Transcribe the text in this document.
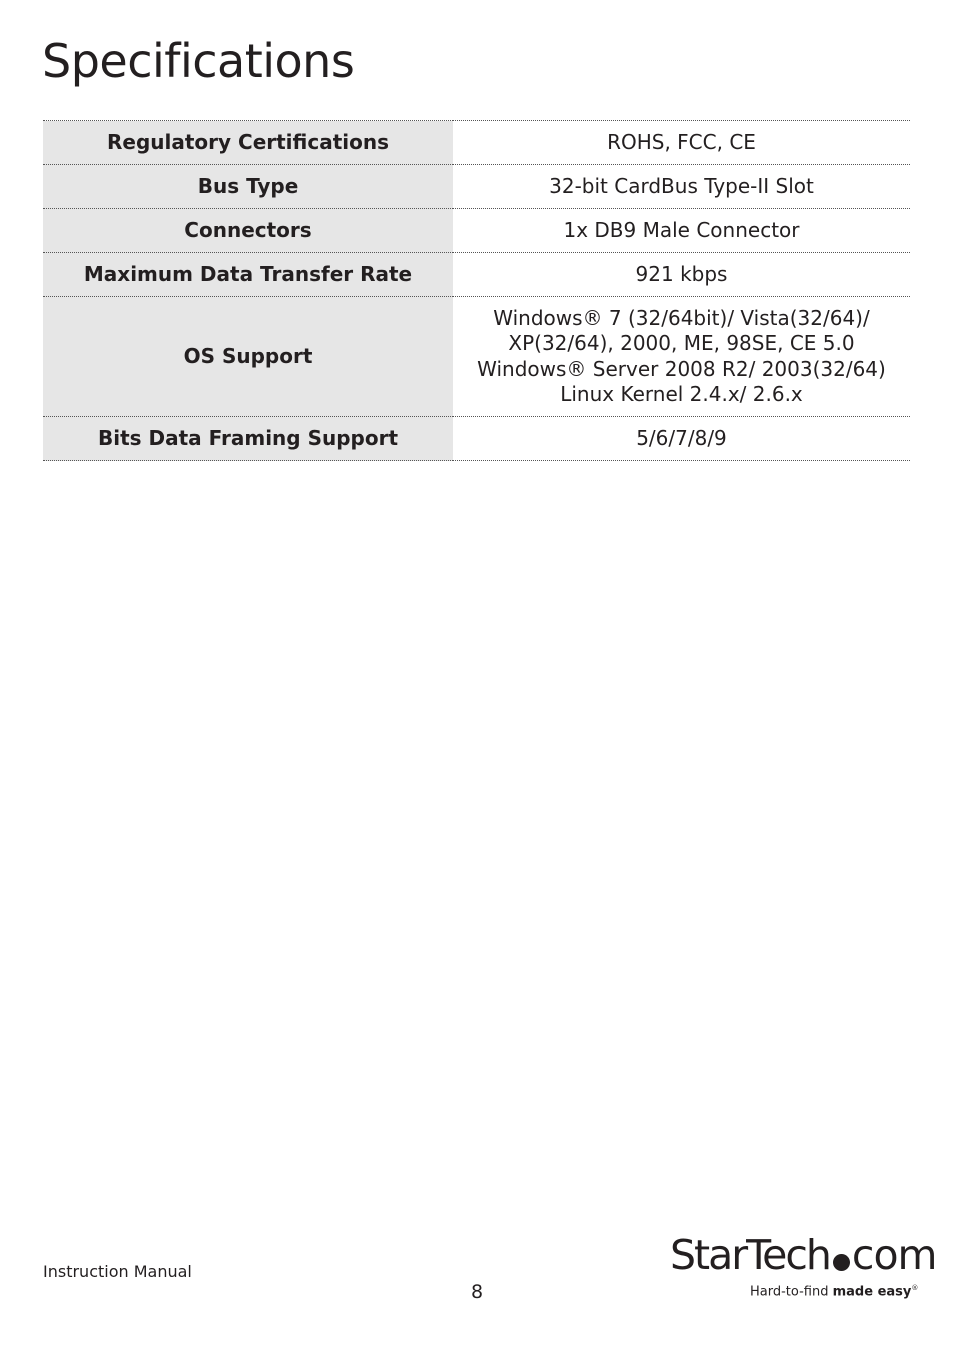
Specifications
Regulatory Certifications	ROHS, FCC, CE

Bus Type	32-bit CardBus Type-II Slot

Connectors	1x DB9 Male Connector

Maximum Data Transfer Rate	921 kbps

OS Support	Windows® 7 (32/64bit)/ Vista(32/64)/
XP(32/64), 2000, ME, 98SE, CE 5.0
Windows® Server 2008 R2/ 2003(32/64)
Linux Kernel 2.4.x/ 2.6.x

Bits Data Framing Support	5/6/7/8/9
Instruction Manual
8
StarTech com
Hard-to-find made easy®
